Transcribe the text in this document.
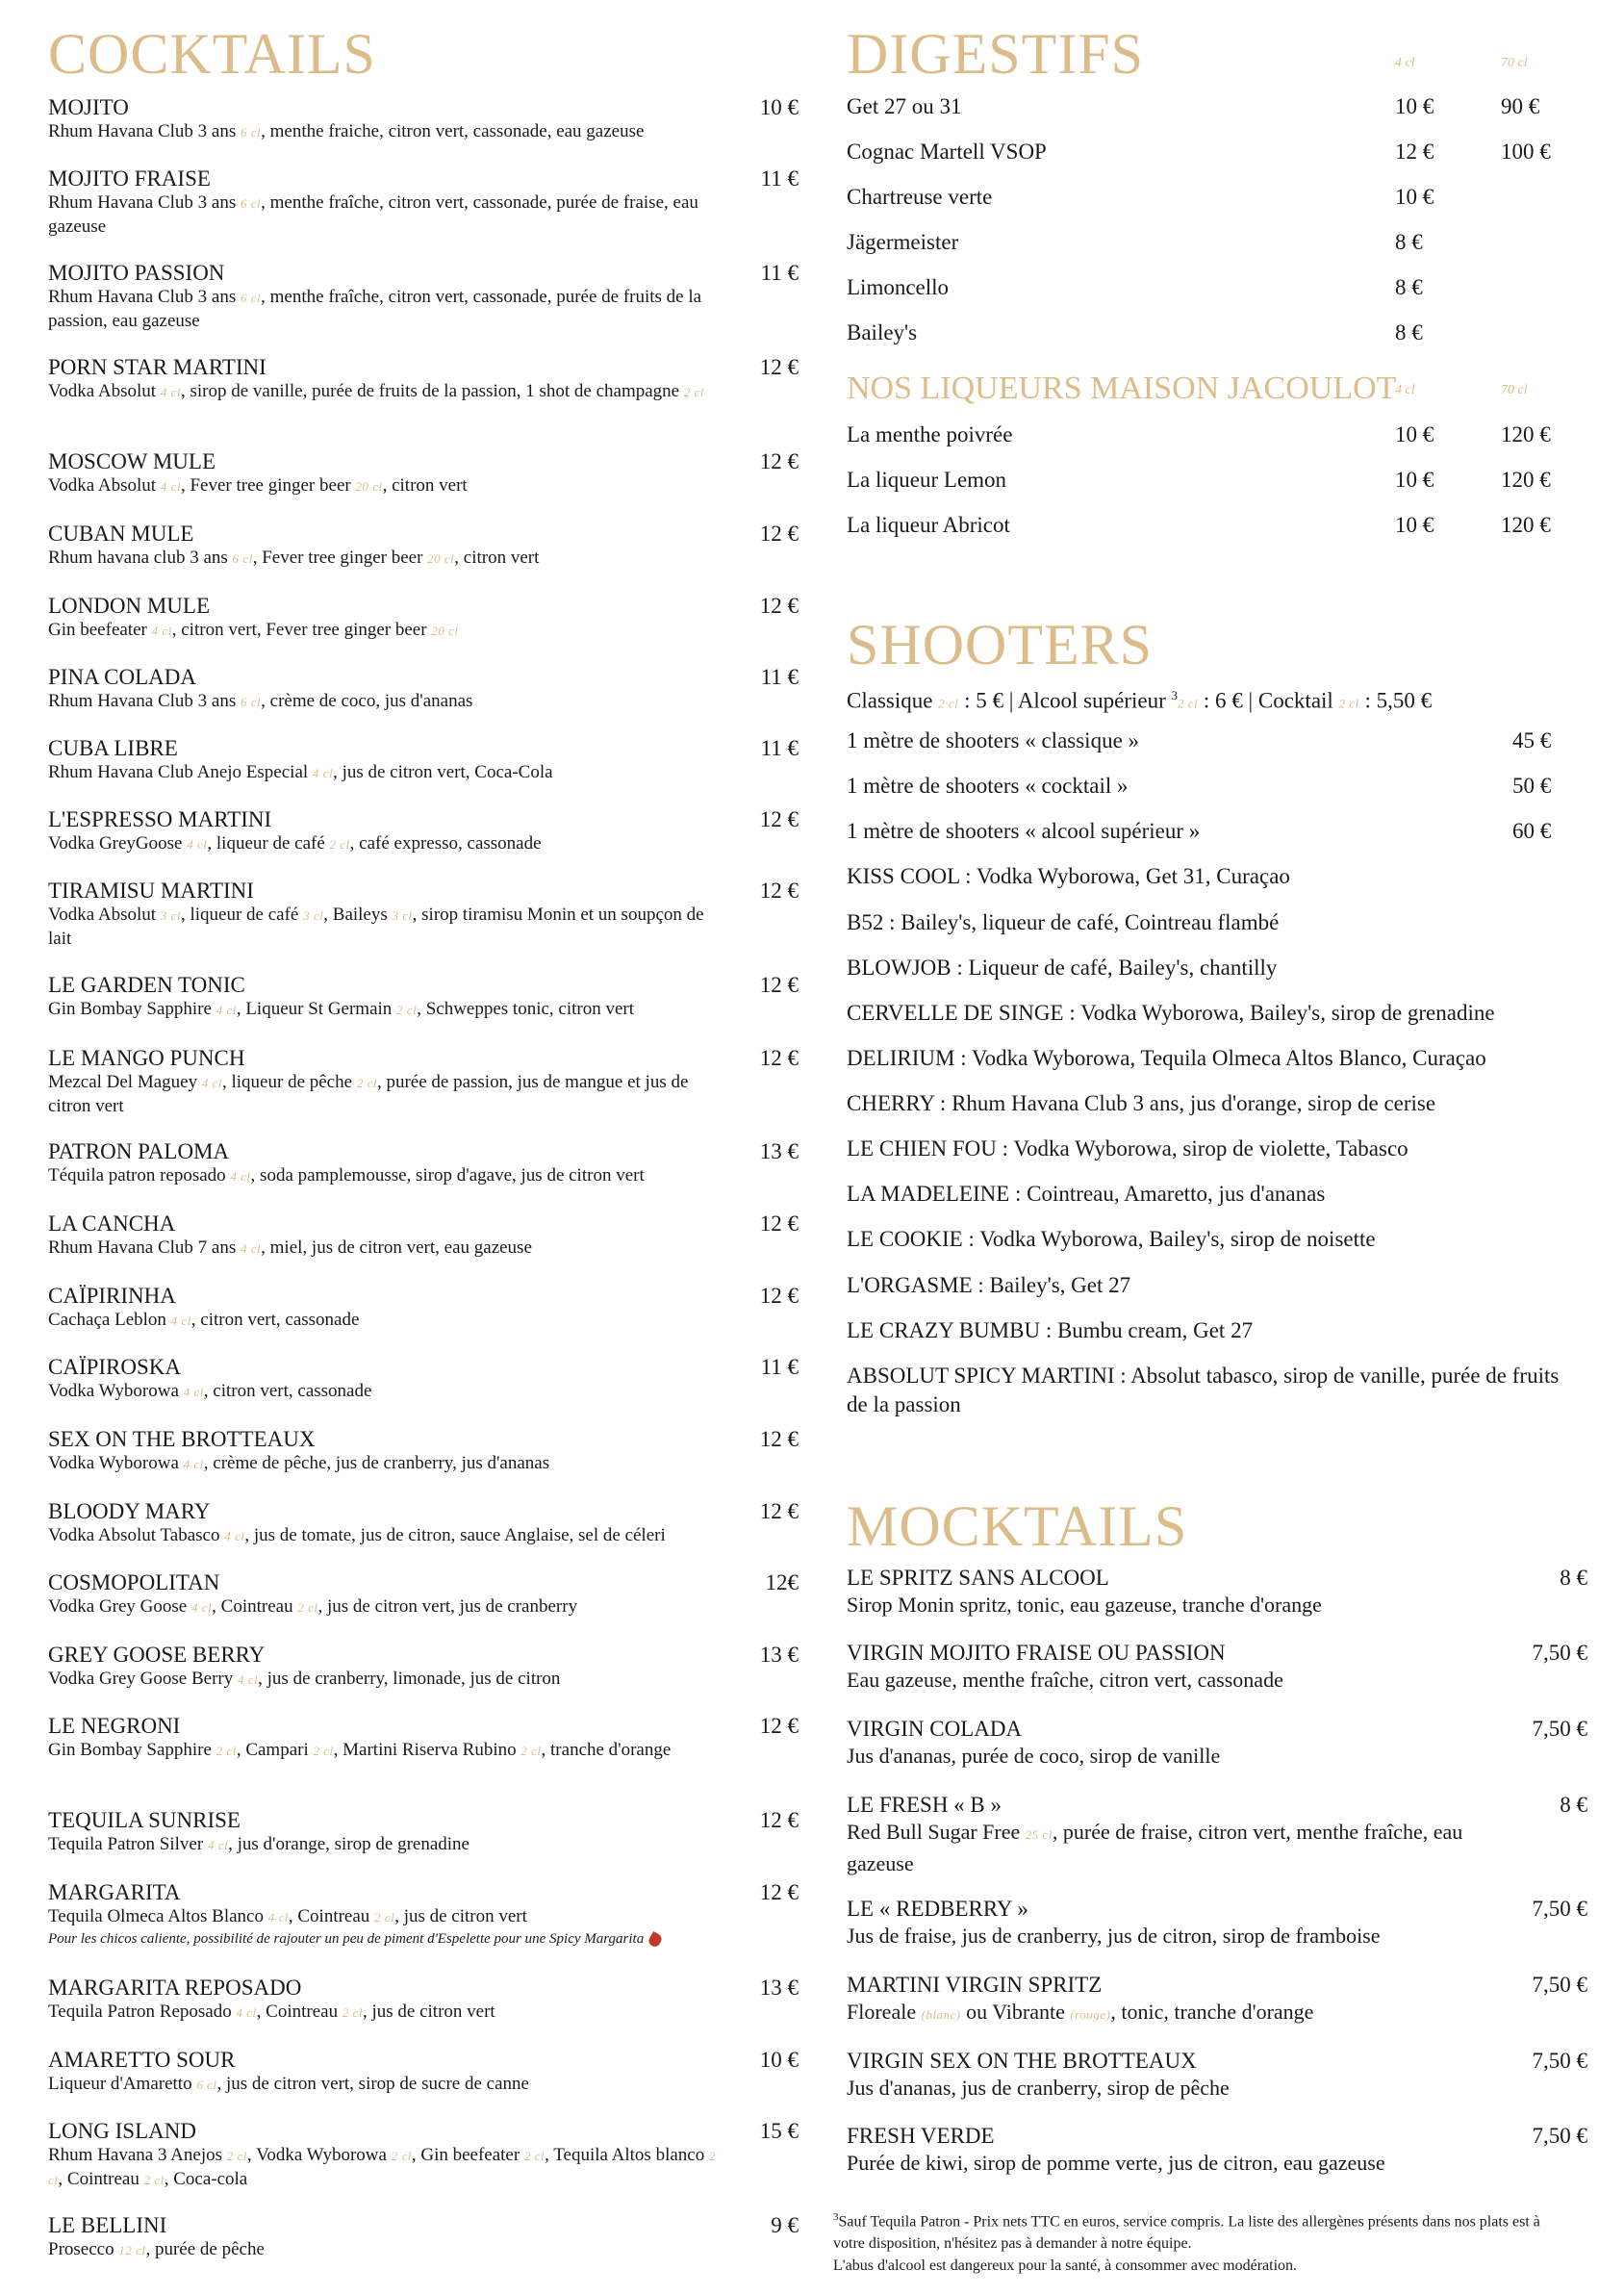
COCKTAILS
MOJITO	10 €
Rhum Havana Club 3 ans 6 cl, menthe fraiche, citron vert, cassonade, eau gazeuse
MOJITO FRAISE	11 €
Rhum Havana Club 3 ans 6 cl, menthe fraîche, citron vert, cassonade, purée de fraise, eau gazeuse
MOJITO PASSION	11 €
Rhum Havana Club 3 ans 6 cl, menthe fraîche, citron vert, cassonade, purée de fruits de la passion, eau gazeuse
PORN STAR MARTINI	12 €
Vodka Absolut 4 cl, sirop de vanille, purée de fruits de la passion, 1 shot de champagne 2 cl
MOSCOW MULE	12 €
Vodka Absolut 4 cl, Fever tree ginger beer 20 cl, citron vert
CUBAN MULE	12 €
Rhum havana club 3 ans 6 cl, Fever tree ginger beer 20 cl, citron vert
LONDON MULE	12 €
Gin beefeater 4 cl, citron vert, Fever tree ginger beer 20 cl
PINA COLADA	11 €
Rhum Havana Club 3 ans 6 cl, crème de coco, jus d'ananas
CUBA LIBRE	11 €
Rhum Havana Club Anejo Especial 4 cl, jus de citron vert, Coca-Cola
L'ESPRESSO MARTINI	12 €
Vodka GreyGoose 4 cl, liqueur de café 2 cl, café expresso, cassonade
TIRAMISU MARTINI	12 €
Vodka Absolut 3 cl, liqueur de café 3 cl, Baileys 3 cl, sirop tiramisu Monin et un soupçon de lait
LE GARDEN TONIC	12 €
Gin Bombay Sapphire 4 cl, Liqueur St Germain 2 cl, Schweppes tonic, citron vert
LE MANGO PUNCH	12 €
Mezcal Del Maguey 4 cl, liqueur de pêche 2 cl, purée de passion, jus de mangue et jus de citron vert
PATRON PALOMA	13 €
Téquila patron reposado 4 cl, soda pamplemousse, sirop d'agave, jus de citron vert
LA CANCHA	12 €
Rhum Havana Club 7 ans 4 cl, miel, jus de citron vert, eau gazeuse
CAÏPIRINHA	12 €
Cachaça Leblon 4 cl, citron vert, cassonade
CAÏPIROSKA	11 €
Vodka Wyborowa 4 cl, citron vert, cassonade
SEX ON THE BROTTEAUX	12 €
Vodka Wyborowa 4 cl, crème de pêche, jus de cranberry, jus d'ananas
BLOODY MARY	12 €
Vodka Absolut Tabasco 4 cl, jus de tomate, jus de citron, sauce Anglaise, sel de céleri
COSMOPOLITAN	12€
Vodka Grey Goose 4 cl, Cointreau 2 cl, jus de citron vert, jus de cranberry
GREY GOOSE BERRY	13 €
Vodka Grey Goose Berry 4 cl, jus de cranberry, limonade, jus de citron
LE NEGRONI	12 €
Gin Bombay Sapphire 2 cl, Campari 2 cl, Martini Riserva Rubino 2 cl, tranche d'orange
TEQUILA SUNRISE	12 €
Tequila Patron Silver 4 cl, jus d'orange, sirop de grenadine
MARGARITA	12 €
Tequila Olmeca Altos Blanco 4 cl, Cointreau 2 cl, jus de citron vert
Pour les chicos caliente, possibilité de rajouter un peu de piment d'Espelette pour une Spicy Margarita
MARGARITA REPOSADO	13 €
Tequila Patron Reposado 4 cl, Cointreau 2 cl, jus de citron vert
AMARETTO SOUR	10 €
Liqueur d'Amaretto 6 cl, jus de citron vert, sirop de sucre de canne
LONG ISLAND	15 €
Rhum Havana 3 Anejos 2 cl, Vodka Wyborowa 2 cl, Gin beefeater 2 cl, Tequila Altos blanco 2 cl, Cointreau 2 cl, Coca-cola
LE BELLINI	9 €
Prosecco 12 cl, purée de pêche
DIGESTIFS	4 cl	70 cl
Get 27 ou 31	10 €	90 €
Cognac Martell VSOP	12 €	100 €
Chartreuse verte	10 €
Jägermeister	8 €
Limoncello	8 €
Bailey's	8 €
NOS LIQUEURS MAISON JACOULOT
4 cl	70 cl
La menthe poivrée	10 €	120 €
La liqueur Lemon	10 €	120 €
La liqueur Abricot	10 €	120 €
SHOOTERS
Classique 2 cl : 5 € | Alcool supérieur $^3$2 cl : 6 € | Cocktail 2 cl : 5,50 €
1 mètre de shooters « classique »	45 €
1 mètre de shooters « cocktail »	50 €
1 mètre de shooters « alcool supérieur »	60 €
KISS COOL : Vodka Wyborowa, Get 31, Curaçao
B52 : Bailey's, liqueur de café, Cointreau flambé
BLOWJOB : Liqueur de café, Bailey's, chantilly
CERVELLE DE SINGE : Vodka Wyborowa, Bailey's, sirop de grenadine
DELIRIUM : Vodka Wyborowa, Tequila Olmeca Altos Blanco, Curaçao
CHERRY : Rhum Havana Club 3 ans, jus d'orange, sirop de cerise
LE CHIEN FOU : Vodka Wyborowa, sirop de violette, Tabasco
LA MADELEINE : Cointreau, Amaretto, jus d'ananas
LE COOKIE : Vodka Wyborowa, Bailey's, sirop de noisette
L'ORGASME : Bailey's, Get 27
LE CRAZY BUMBU : Bumbu cream, Get 27
ABSOLUT SPICY MARTINI : Absolut tabasco, sirop de vanille, purée de fruits de la passion
MOCKTAILS
LE SPRITZ SANS ALCOOL	8 €
Sirop Monin spritz, tonic, eau gazeuse, tranche d'orange
VIRGIN MOJITO FRAISE OU PASSION	7,50 €
Eau gazeuse, menthe fraîche, citron vert, cassonade
VIRGIN COLADA	7,50 €
Jus d'ananas, purée de coco, sirop de vanille
LE FRESH « B »	8 €
Red Bull Sugar Free 25 cl, purée de fraise, citron vert, menthe fraîche, eau gazeuse
LE « REDBERRY »	7,50 €
Jus de fraise, jus de cranberry, jus de citron, sirop de framboise
MARTINI VIRGIN SPRITZ	7,50 €
Floreale (blanc) ou Vibrante (rouge), tonic, tranche d'orange
VIRGIN SEX ON THE BROTTEAUX	7,50 €
Jus d'ananas, jus de cranberry, sirop de pêche
FRESH VERDE	7,50 €
Purée de kiwi, sirop de pomme verte, jus de citron, eau gazeuse
$^3$Sauf Tequila Patron - Prix nets TTC en euros, service compris. La liste des allergènes présents dans nos plats est à votre disposition, n'hésitez pas à demander à notre équipe.
L'abus d'alcool est dangereux pour la santé, à consommer avec modération.
